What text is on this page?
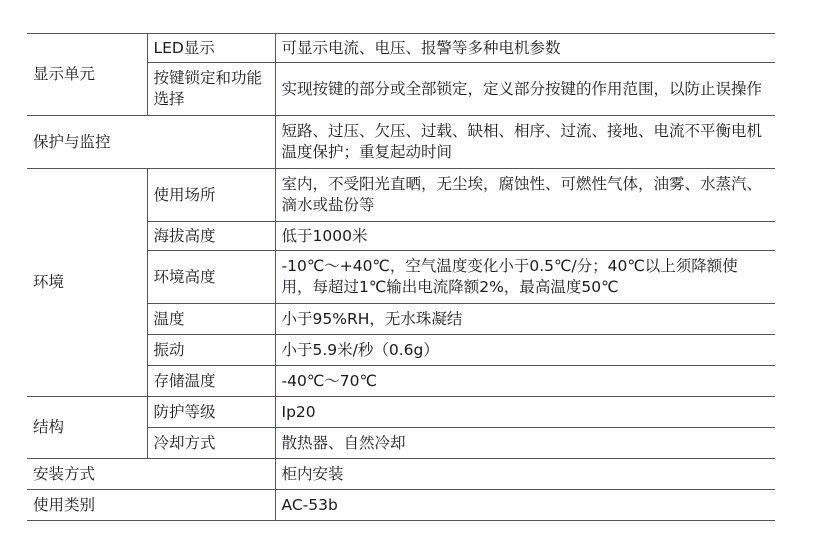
显示单元	LED显示	可显示电流、电压、报警等多种电机参数
	按键锁定和功能选择	实现按键的部分或全部锁定，定义部分按键的作用范围，以防止误操作
保护与监控		短路、过压、欠压、过载、缺相、相序、过流、接地、电流不平衡电机温度保护；重复起动时间
环境	使用场所	室内，不受阳光直晒，无尘埃，腐蚀性、可燃性气体，油雾、水蒸汽、滴水或盐份等
	海拔高度	低于1000米
	环境高度	-10℃～+40℃，空气温度变化小于0.5℃/分；40℃以上须降额使用，每超过1℃输出电流降额2%，最高温度50℃
	温度	小于95%RH，无水珠凝结
	振动	小于5.9米/秒（0.6g）
	存储温度	-40℃～70℃
结构	防护等级	Ip20
	冷却方式	散热器、自然冷却
安装方式		柜内安装
使用类别		AC-53b
